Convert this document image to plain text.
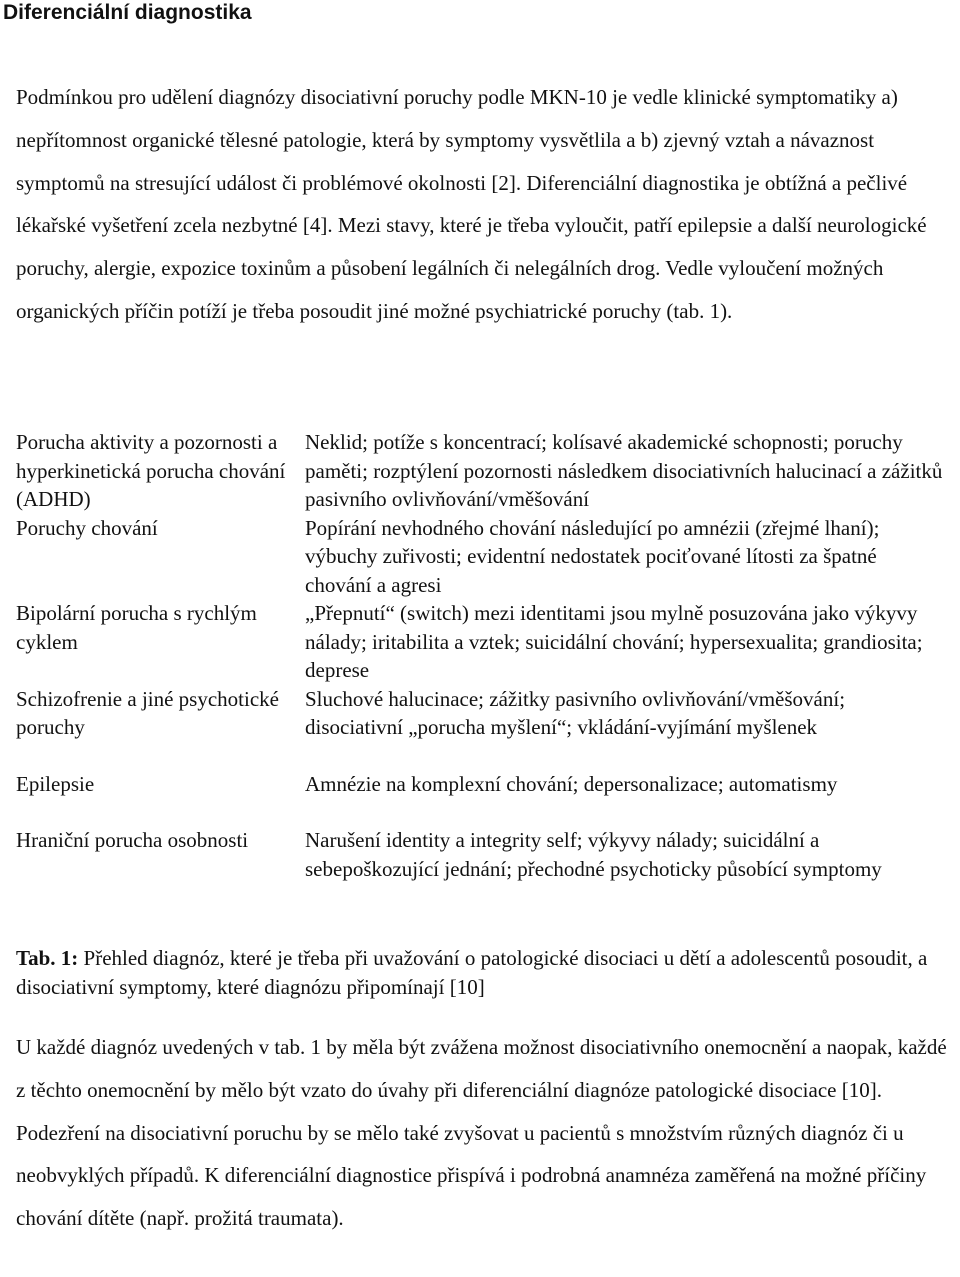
Diferenciální diagnostika

Podmínkou pro udělení diagnózy disociativní poruchy podle MKN-10 je vedle klinické symptomatiky a) nepřítomnost organické tělesné patologie, která by symptomy vysvětlila a b) zjevný vztah a návaznost symptomů na stresující událost či problémové okolnosti [2]. Diferenciální diagnostika je obtížná a pečlivé lékařské vyšetření zcela nezbytné [4]. Mezi stavy, které je třeba vyloučit, patří epilepsie a další neurologické poruchy, alergie, expozice toxinům a působení legálních či nelegálních drog. Vedle vyloučení možných organických příčin potíží je třeba posoudit jiné možné psychiatrické poruchy (tab. 1).

Porucha aktivity a pozornosti a hyperkinetická porucha chování (ADHD)	Neklid; potíže s koncentrací; kolísavé akademické schopnosti; poruchy paměti; rozptýlení pozornosti následkem disociativních halucinací a zážitků pasivního ovlivňování/vměšování
Poruchy chování	Popírání nevhodného chování následující po amnézii (zřejmé lhaní); výbuchy zuřivosti; evidentní nedostatek pociťované lítosti za špatné chování a agresi
Bipolární porucha s rychlým cyklem	„Přepnutí“ (switch) mezi identitami jsou mylně posuzována jako výkyvy nálady; iritabilita a vztek; suicidální chování; hypersexualita; grandiosita; deprese
Schizofrenie a jiné psychotické poruchy	Sluchové halucinace; zážitky pasivního ovlivňování/vměšování; disociativní „porucha myšlení“; vkládání-vyjímání myšlenek
Epilepsie	Amnézie na komplexní chování; depersonalizace; automatismy
Hraniční porucha osobnosti	Narušení identity a integrity self; výkyvy nálady; suicidální a sebepoškozující jednání; přechodné psychoticky působící symptomy

Tab. 1: Přehled diagnóz, které je třeba při uvažování o patologické disociaci u dětí a adolescentů posoudit, a disociativní symptomy, které diagnózu připomínají [10]

U každé diagnóz uvedených v tab. 1 by měla být zvážena možnost disociativního onemocnění a naopak, každé z těchto onemocnění by mělo být vzato do úvahy při diferenciální diagnóze patologické disociace [10]. Podezření na disociativní poruchu by se mělo také zvyšovat u pacientů s množstvím různých diagnóz či u neobvyklých případů. K diferenciální diagnostice přispívá i podrobná anamnéza zaměřená na možné příčiny chování dítěte (např. prožitá traumata).
